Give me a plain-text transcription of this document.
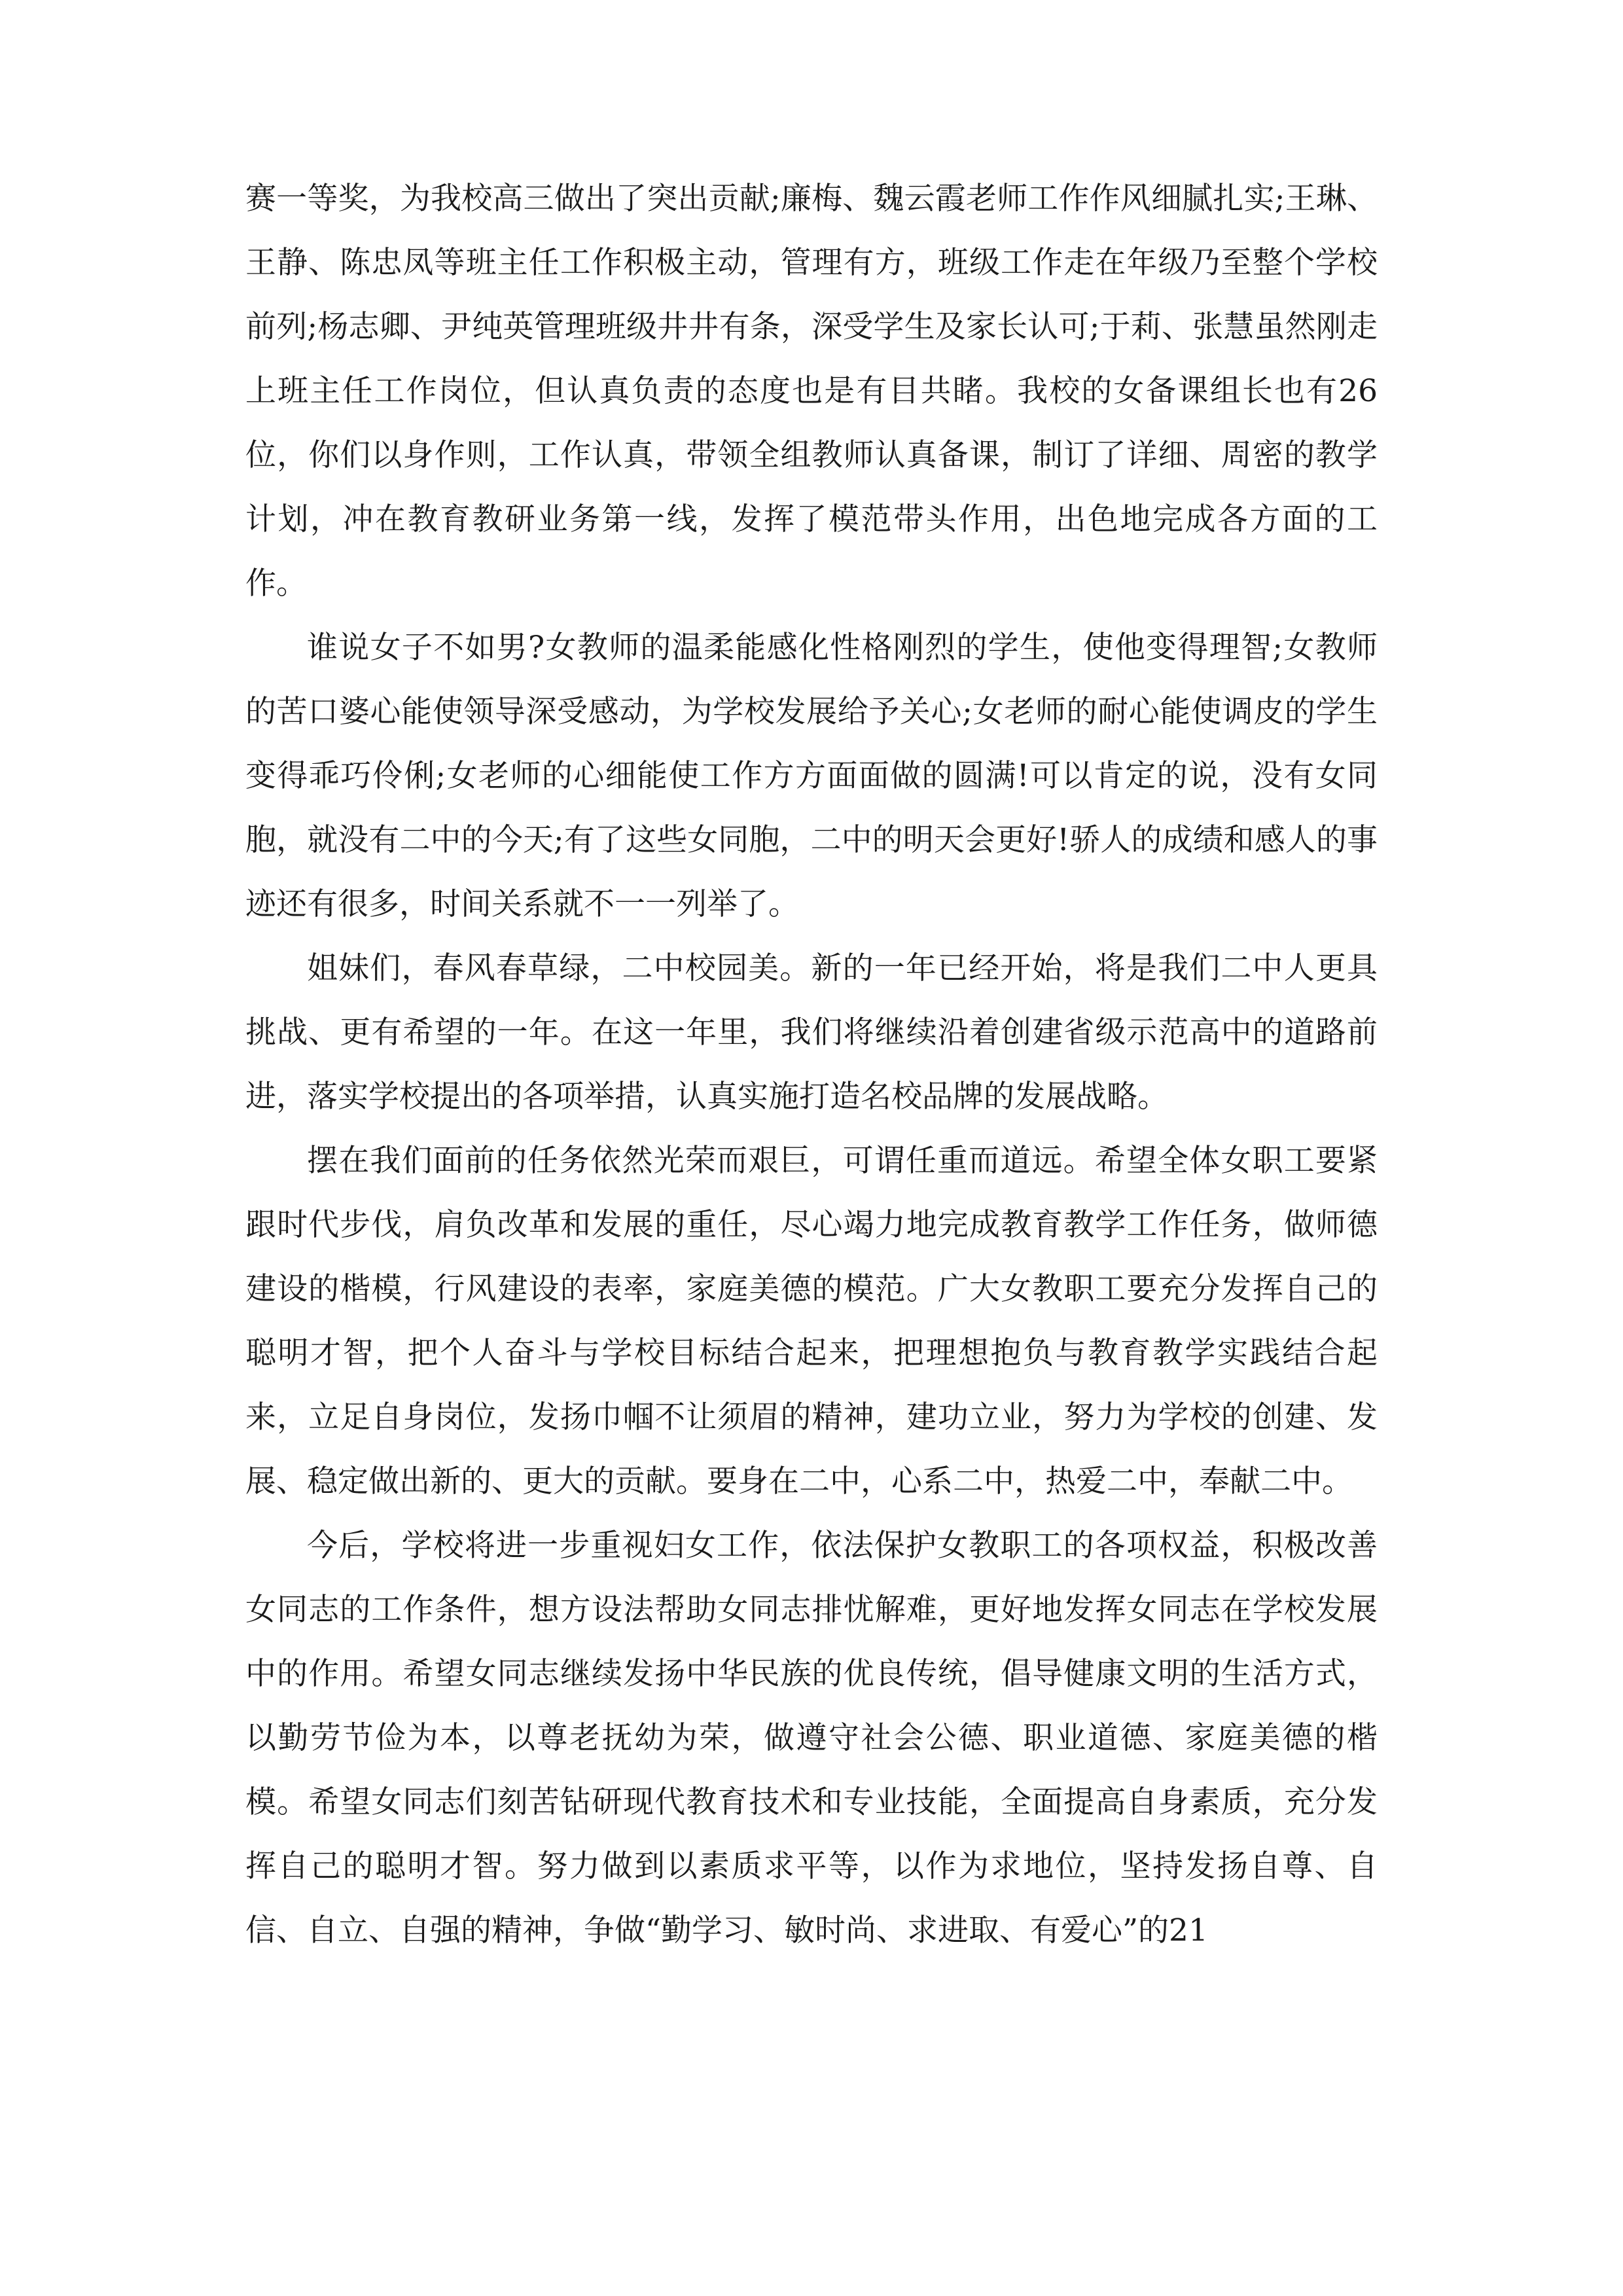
赛一等奖，为我校高三做出了突出贡献;廉梅、魏云霞老师工作作风细腻扎实;王琳、王静、陈忠凤等班主任工作积极主动，管理有方，班级工作走在年级乃至整个学校前列;杨志卿、尹纯英管理班级井井有条，深受学生及家长认可;于莉、张慧虽然刚走上班主任工作岗位，但认真负责的态度也是有目共睹。我校的女备课组长也有26位，你们以身作则，工作认真，带领全组教师认真备课，制订了详细、周密的教学计划，冲在教育教研业务第一线，发挥了模范带头作用，出色地完成各方面的工作。

谁说女子不如男?女教师的温柔能感化性格刚烈的学生，使他变得理智;女教师的苦口婆心能使领导深受感动，为学校发展给予关心;女老师的耐心能使调皮的学生变得乖巧伶俐;女老师的心细能使工作方方面面做的圆满!可以肯定的说，没有女同胞，就没有二中的今天;有了这些女同胞，二中的明天会更好!骄人的成绩和感人的事迹还有很多，时间关系就不一一列举了。

姐妹们，春风春草绿，二中校园美。新的一年已经开始，将是我们二中人更具挑战、更有希望的一年。在这一年里，我们将继续沿着创建省级示范高中的道路前进，落实学校提出的各项举措，认真实施打造名校品牌的发展战略。

摆在我们面前的任务依然光荣而艰巨，可谓任重而道远。希望全体女职工要紧跟时代步伐，肩负改革和发展的重任，尽心竭力地完成教育教学工作任务，做师德建设的楷模，行风建设的表率，家庭美德的模范。广大女教职工要充分发挥自己的聪明才智，把个人奋斗与学校目标结合起来，把理想抱负与教育教学实践结合起来，立足自身岗位，发扬巾帼不让须眉的精神，建功立业，努力为学校的创建、发展、稳定做出新的、更大的贡献。要身在二中，心系二中，热爱二中，奉献二中。

今后，学校将进一步重视妇女工作，依法保护女教职工的各项权益，积极改善女同志的工作条件，想方设法帮助女同志排忧解难，更好地发挥女同志在学校发展中的作用。希望女同志继续发扬中华民族的优良传统，倡导健康文明的生活方式，以勤劳节俭为本，以尊老抚幼为荣，做遵守社会公德、职业道德、家庭美德的楷模。希望女同志们刻苦钻研现代教育技术和专业技能，全面提高自身素质，充分发挥自己的聪明才智。努力做到以素质求平等，以作为求地位，坚持发扬自尊、自信、自立、自强的精神，争做“勤学习、敏时尚、求进取、有爱心”的21
